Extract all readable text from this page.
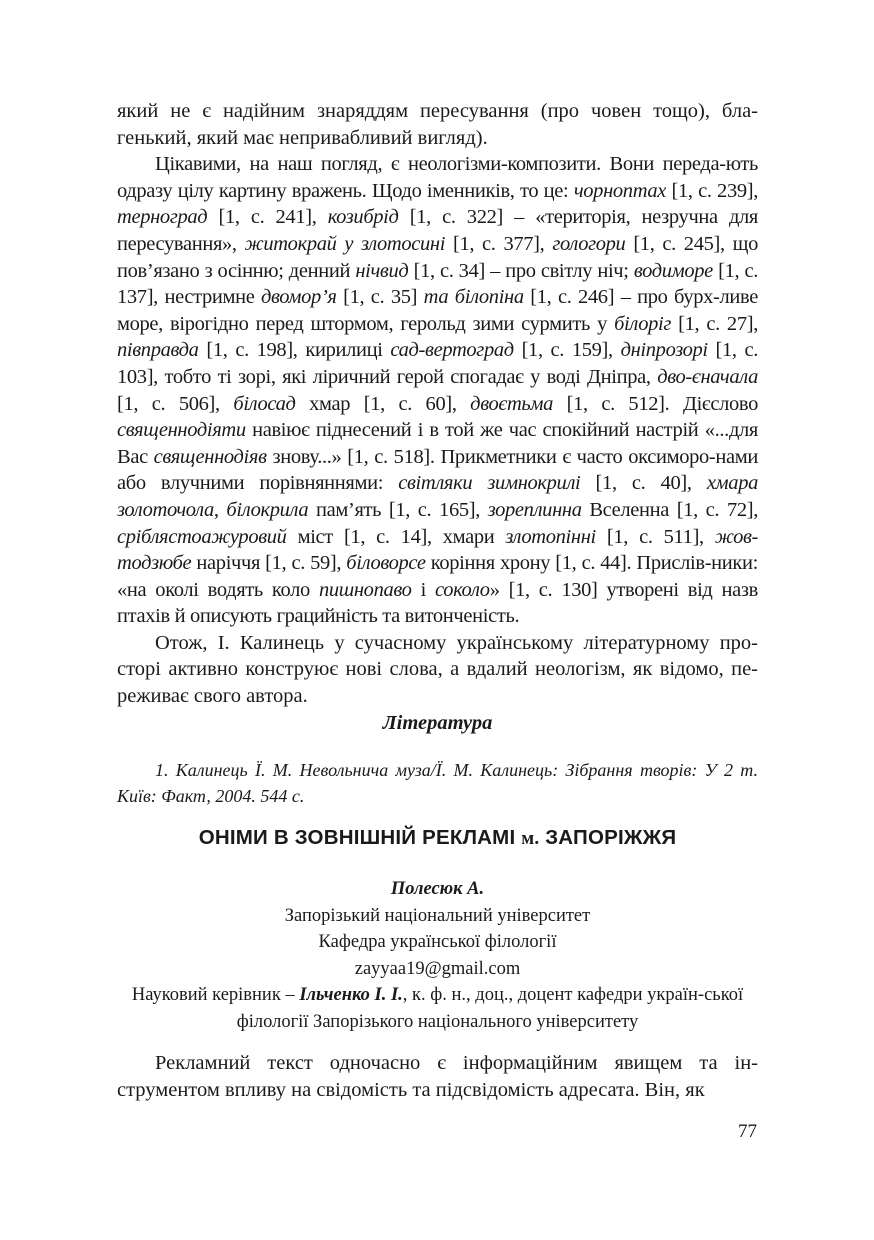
який не є надійним знаряддям пересування (про човен тощо), бла-генький, який має непривабливий вигляд).

Цікавими, на наш погляд, є неологізми-композити. Вони переда-ють одразу цілу картину вражень. Щодо іменників, то це: чорноптах [1, с. 239], терноград [1, с. 241], козибрід [1, с. 322] – «територія, незручна для пересування», житокрай у злотосині [1, с. 377], гологори [1, с. 245], що пов’язано з осінню; денний нічвид [1, с. 34] – про світлу ніч; водиморе [1, с. 137], нестримне двомор’я [1, с. 35] та білопіна [1, с. 246] – про бурх-ливе море, вірогідно перед штормом, герольд зими сурмить у білоріг [1, с. 27], півправда [1, с. 198], кирилиці сад-вертоград [1, с. 159], дніпрозорі [1, с. 103], тобто ті зорі, які ліричний герой спогадає у воді Дніпра, дво-єначала [1, с. 506], білосад хмар [1, с. 60], двоєтьма [1, с. 512]. Дієслово священнодіяти навіює піднесений і в той же час спокійний настрій «...для Вас священнодіяв знову...» [1, с. 518]. Прикметники є часто оксиморо-нами або влучними порівняннями: світляки зимнокрилі [1, с. 40], хмара золоточола, білокрила пам’ять [1, с. 165], зореплинна Вселенна [1, с. 72], сріблястоажуровий міст [1, с. 14], хмари злотопінні [1, с. 511], жов-тодзюбе наріччя [1, с. 59], біловорсе коріння хрону [1, с. 44]. Прислів-ники: «на околі водять коло пишнопаво і соколо» [1, с. 130] утворені від назв птахів й описують грацийність та витонченість.

Отож, І. Калинець у сучасному українському літературному про-сторі активно конструює нові слова, а вдалий неологізм, як відомо, пе-реживає свого автора.

Література
1. Калинець Ї. М. Невольнича муза/Ї. М. Калинець: Зібрання творів: У 2 т. Київ: Факт, 2004. 544 с.
ОНІМИ В ЗОВНІШНІЙ РЕКЛАМІ м. ЗАПОРІЖЖЯ
Полесюк А.
Запорізький національний університет
Кафедра української філології
zayyaa19@gmail.com
Науковий керівник – Ільченко І. І., к. ф. н., доц., доцент кафедри україн-ської філології Запорізького національного університету

Рекламний текст одночасно є інформаційним явищем та ін-струментом впливу на свідомість та підсвідомість адресата. Він, як

77
